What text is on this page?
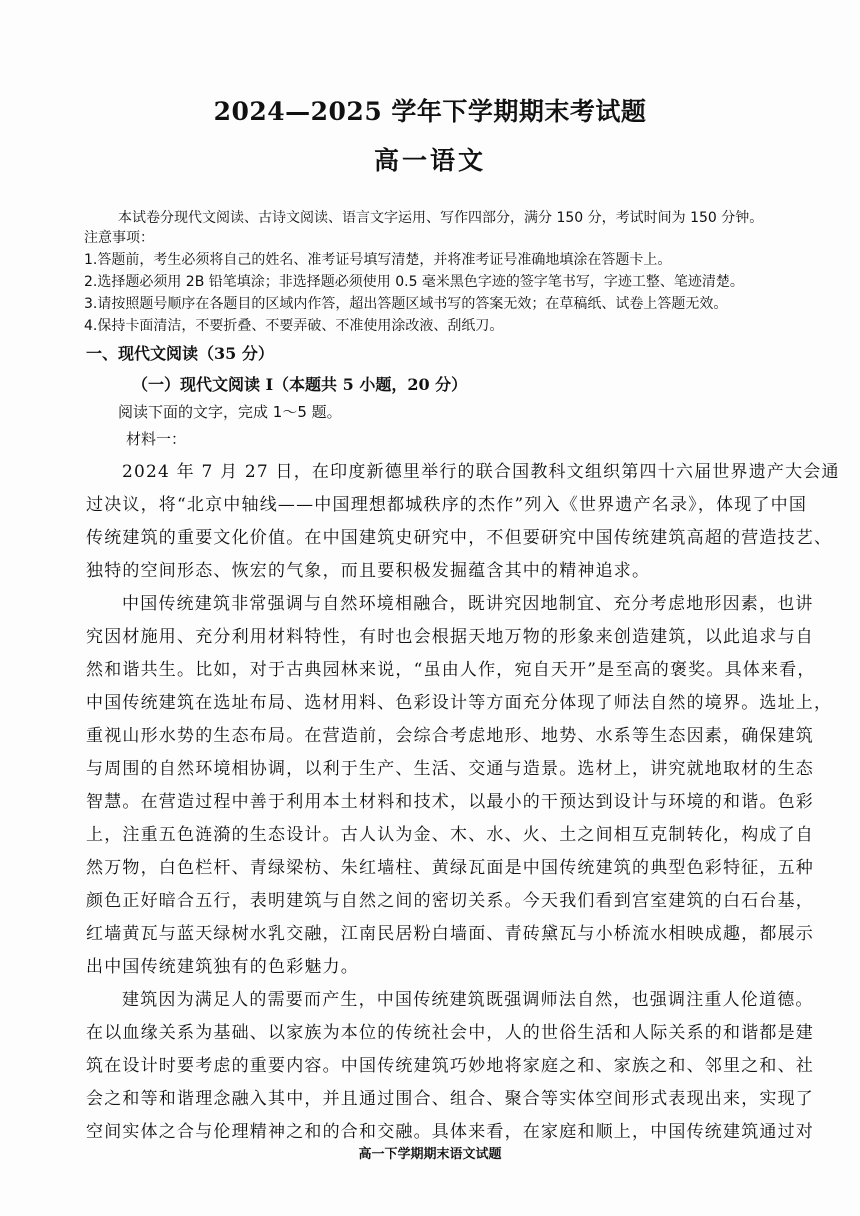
2024—2025 学年下学期期末考试题
高一语文
本试卷分现代文阅读、古诗文阅读、语言文字运用、写作四部分，满分 150 分，考试时间为 150 分钟。
注意事项：
1.答题前，考生必须将自己的姓名、准考证号填写清楚，并将准考证号准确地填涂在答题卡上。
2.选择题必须用 2B 铅笔填涂；非选择题必须使用 0.5 毫米黑色字迹的签字笔书写，字迹工整、笔迹清楚。
3.请按照题号顺序在各题目的区域内作答，超出答题区域书写的答案无效；在草稿纸、试卷上答题无效。
4.保持卡面清洁，不要折叠、不要弄破、不准使用涂改液、刮纸刀。
一、现代文阅读（35 分）
（一）现代文阅读 I（本题共 5 小题，20 分）
阅读下面的文字，完成 1～5 题。
材料一：
2024 年 7 月 27 日，在印度新德里举行的联合国教科文组织第四十六届世界遗产大会通
过决议，将“北京中轴线——中国理想都城秩序的杰作”列入《世界遗产名录》，体现了中国
传统建筑的重要文化价值。在中国建筑史研究中，不但要研究中国传统建筑高超的营造技艺、
独特的空间形态、恢宏的气象，而且要积极发掘蕴含其中的精神追求。
中国传统建筑非常强调与自然环境相融合，既讲究因地制宜、充分考虑地形因素，也讲
究因材施用、充分利用材料特性，有时也会根据天地万物的形象来创造建筑，以此追求与自
然和谐共生。比如，对于古典园林来说，“虽由人作，宛自天开”是至高的褒奖。具体来看，
中国传统建筑在选址布局、选材用料、色彩设计等方面充分体现了师法自然的境界。选址上，
重视山形水势的生态布局。在营造前，会综合考虑地形、地势、水系等生态因素，确保建筑
与周围的自然环境相协调，以利于生产、生活、交通与造景。选材上，讲究就地取材的生态
智慧。在营造过程中善于利用本土材料和技术，以最小的干预达到设计与环境的和谐。色彩
上，注重五色涟漪的生态设计。古人认为金、木、水、火、土之间相互克制转化，构成了自
然万物，白色栏杆、青绿梁枋、朱红墙柱、黄绿瓦面是中国传统建筑的典型色彩特征，五种
颜色正好暗合五行，表明建筑与自然之间的密切关系。今天我们看到宫室建筑的白石台基，
红墙黄瓦与蓝天绿树水乳交融，江南民居粉白墙面、青砖黛瓦与小桥流水相映成趣，都展示
出中国传统建筑独有的色彩魅力。
建筑因为满足人的需要而产生，中国传统建筑既强调师法自然，也强调注重人伦道德。
在以血缘关系为基础、以家族为本位的传统社会中，人的世俗生活和人际关系的和谐都是建
筑在设计时要考虑的重要内容。中国传统建筑巧妙地将家庭之和、家族之和、邻里之和、社
会之和等和谐理念融入其中，并且通过围合、组合、聚合等实体空间形式表现出来，实现了
空间实体之合与伦理精神之和的合和交融。具体来看，在家庭和顺上，中国传统建筑通过对
高一下学期期末语文试题
